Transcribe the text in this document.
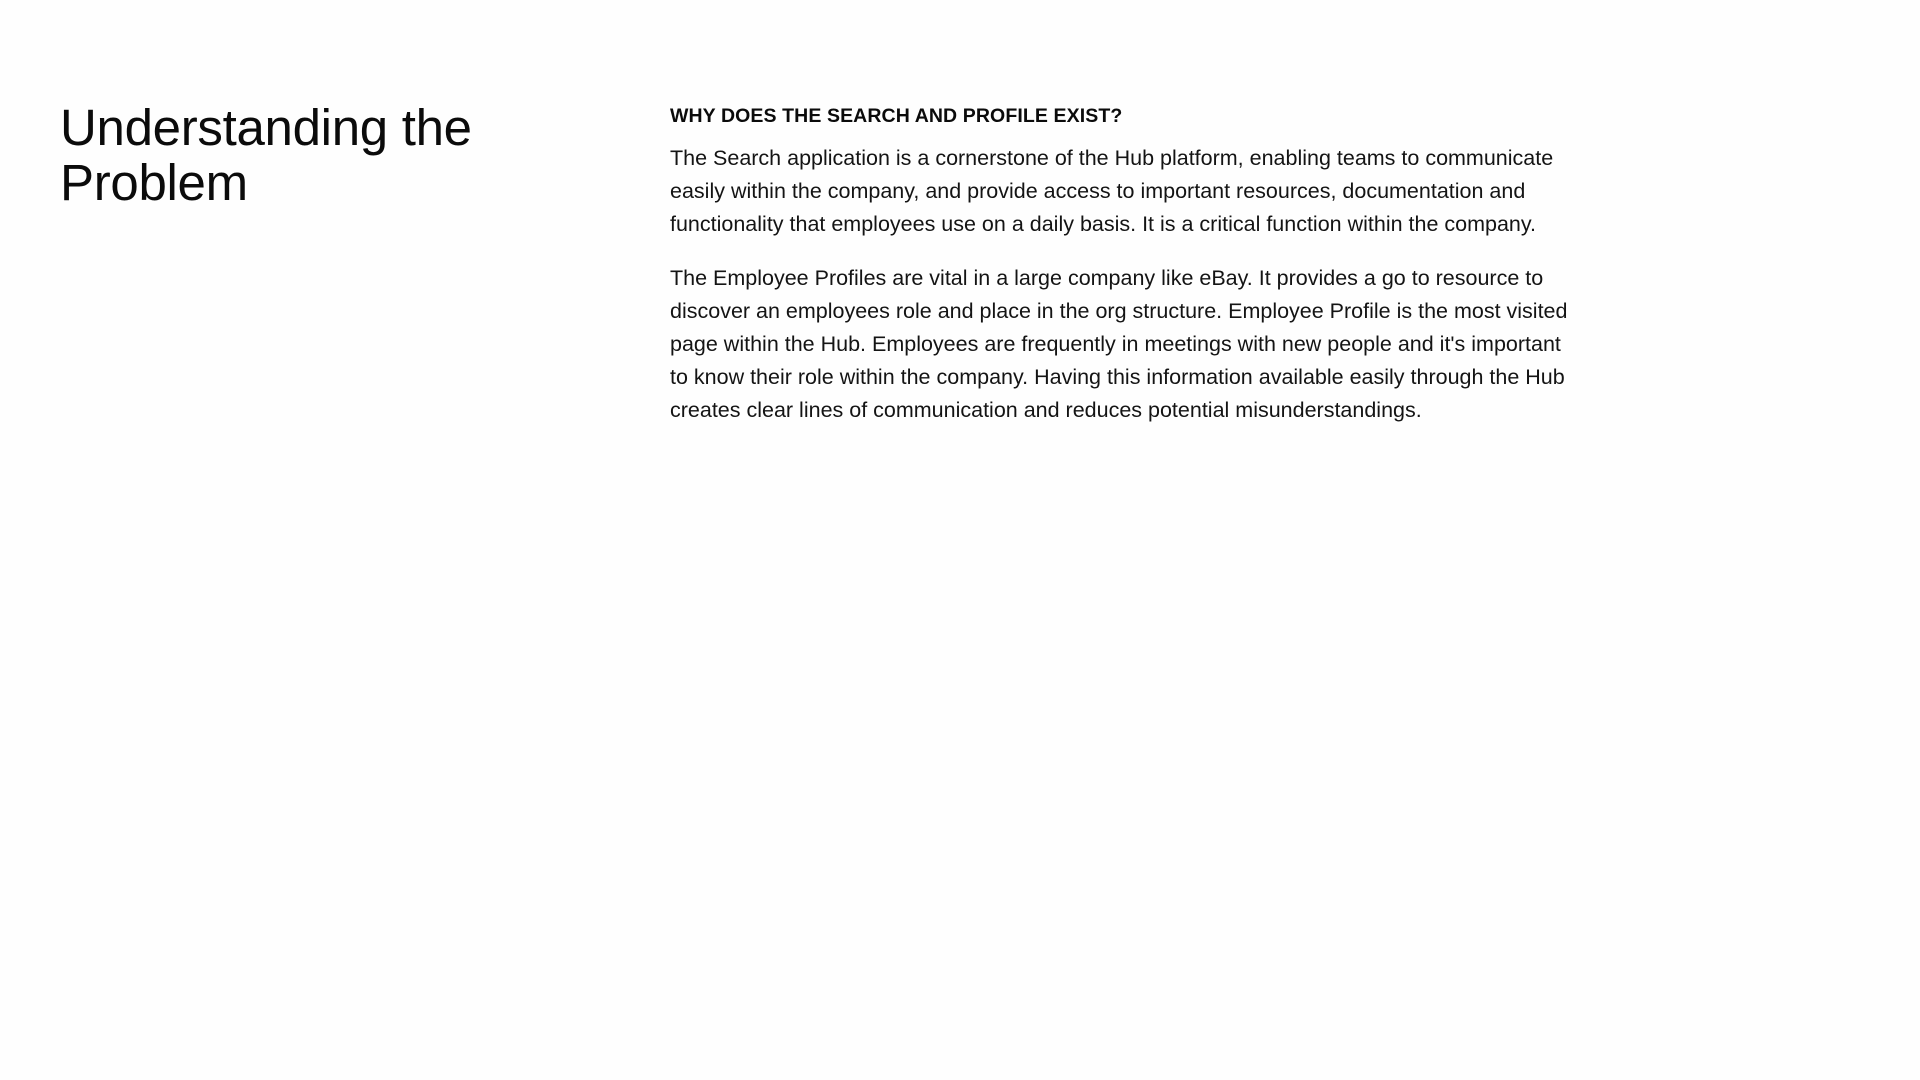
Understanding the
Problem
WHY DOES THE SEARCH AND PROFILE EXIST?

The Search application is a cornerstone of the Hub platform, enabling teams to communicate easily within the company, and provide access to important resources, documentation and functionality that employees use on a daily basis. It is a critical function within the company.

The Employee Profiles are vital in a large company like eBay. It provides a go to resource to discover an employees role and place in the org structure. Employee Profile is the most visited page within the Hub. Employees are frequently in meetings with new people and it's important to know their role within the company. Having this information available easily through the Hub creates clear lines of communication and reduces potential misunderstandings.
